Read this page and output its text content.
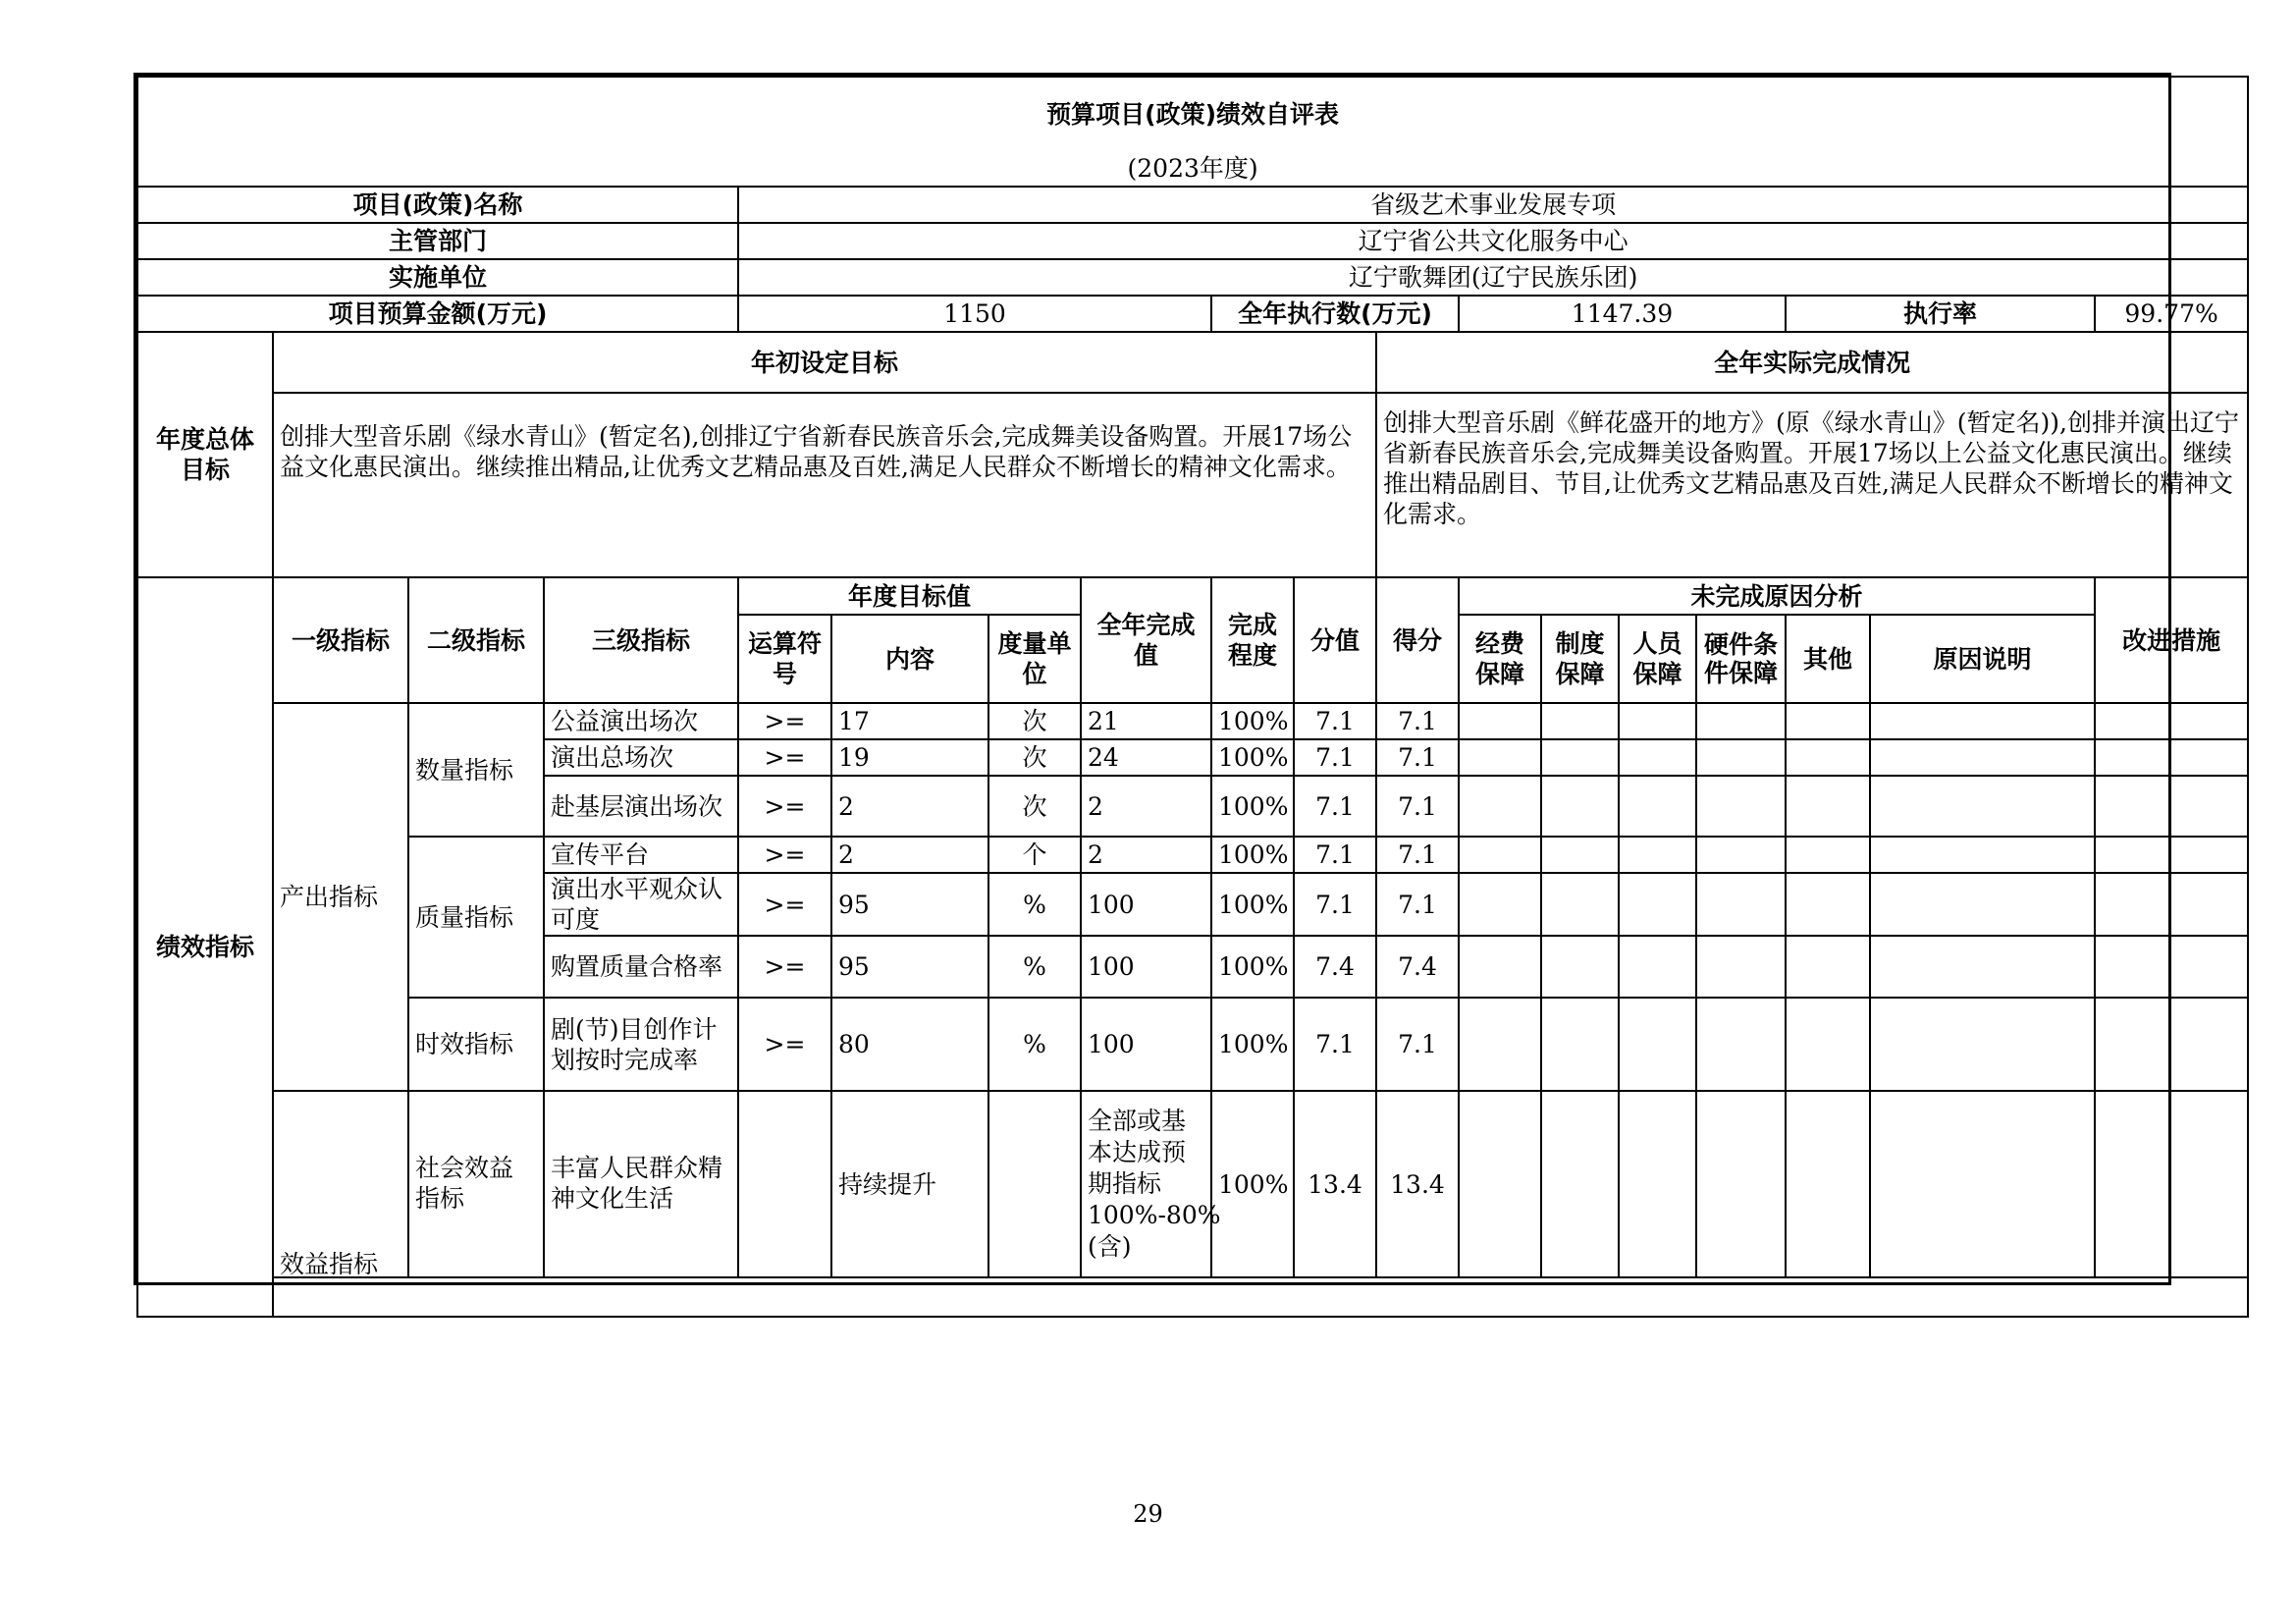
预算项目(政策)绩效自评表																	
(2023年度)																	
项目(政策)名称				省级艺术事业发展专项													
主管部门				辽宁省公共文化服务中心													
实施单位				辽宁歌舞团(辽宁民族乐团)													
项目预算金额(万元)				1150				全年执行数(万元)			1147.39				执行率		99.77%
年度总体目标	年初设定目标									全年实际完成情况							
	创排大型音乐剧《绿水青山》(暂定名),创排辽宁省新春民族音乐会,完成舞美设备购置。开展17场公益文化惠民演出。继续推出精品,让优秀文艺精品惠及百姓,满足人民群众不断增长的精神文化需求。									创排大型音乐剧《鲜花盛开的地方》(原《绿水青山》(暂定名)),创排并演出辽宁省新春民族音乐会,完成舞美设备购置。开展17场以上公益文化惠民演出。继续推出精品剧目、节目,让优秀文艺精品惠及百姓,满足人民群众不断增长的精神文化需求。							
绩效指标	一级指标	二级指标	三级指标	年度目标值			全年完成值	完成程度	分值	得分	未完成原因分析						改进措施
				运算符号	内容	度量单位					经费保障	制度保障	人员保障	硬件条件保障	其他	原因说明	
	产出指标	数量指标	公益演出场次	>=	17	次	21	100%	7.1	7.1							
			演出总场次	>=	19	次	24	100%	7.1	7.1							
			赴基层演出场次	>=	2	次	2	100%	7.1	7.1							
		质量指标	宣传平台	>=	2	个	2	100%	7.1	7.1							
			演出水平观众认可度	>=	95	%	100	100%	7.1	7.1							
			购置质量合格率	>=	95	%	100	100%	7.4	7.4							
		时效指标	剧(节)目创作计划按时完成率	>=	80	%	100	100%	7.1	7.1							
	效益指标	社会效益指标	丰富人民群众精神文化生活		持续提升		全部或基本达成预期指标100%-80%(含)	100%	13.4	13.4							

29
